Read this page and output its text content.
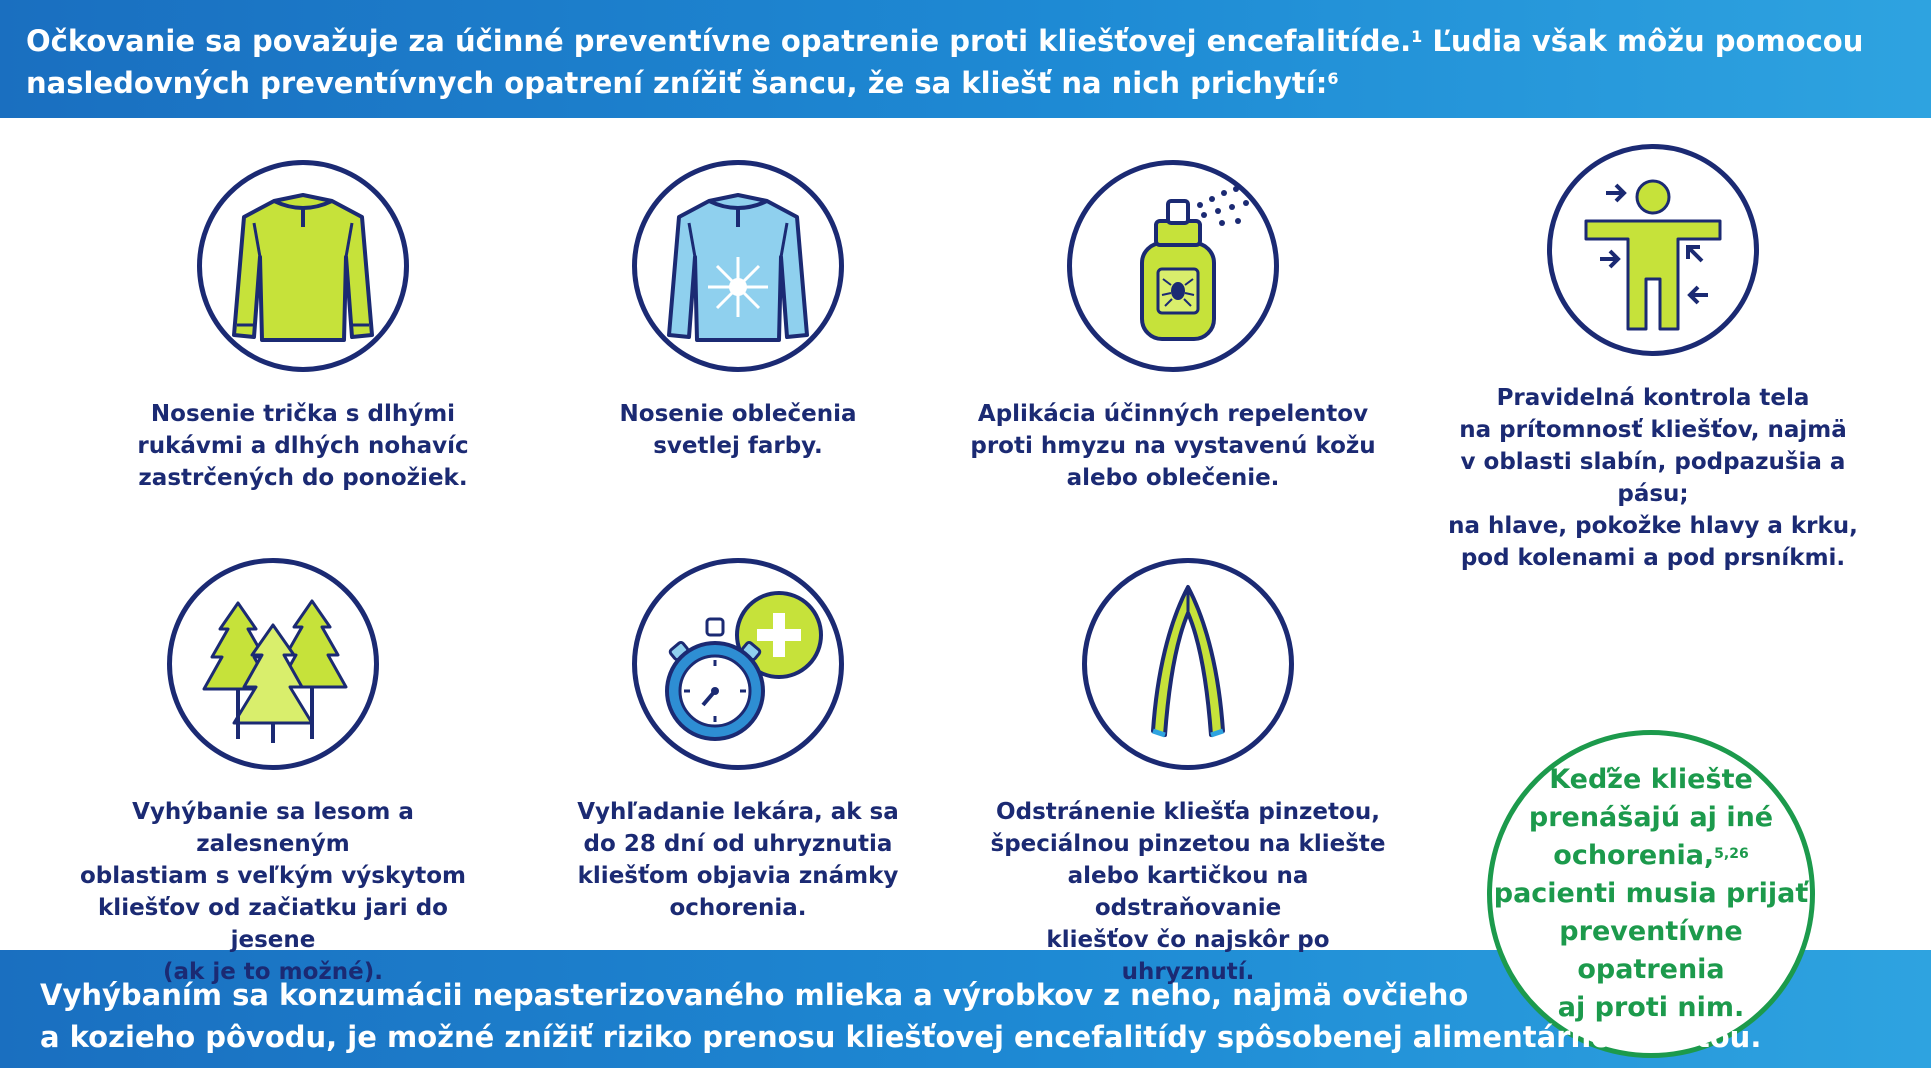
Očkovanie sa považuje za účinné preventívne opatrenie proti kliešťovej encefalitíde.$^1$ Ľudia však môžu pomocou
nasledovných preventívnych opatrení znížiť šancu, že sa kliešť na nich prichytí:$^6$
Nosenie trička s dlhými
rukávmi a dlhých nohavíc
zastrčených do ponožiek.
Nosenie oblečenia
svetlej farby.
Aplikácia účinných repelentov
proti hmyzu na vystavenú kožu
alebo oblečenie.
Pravidelná kontrola tela
na prítomnosť kliešťov, najmä
v oblasti slabín, podpazušia a pásu;
na hlave, pokožke hlavy a krku,
pod kolenami a pod prsníkmi.
Vyhýbanie sa lesom a zalesneným
oblastiam s veľkým výskytom
kliešťov od začiatku jari do jesene
(ak je to možné).
Vyhľadanie lekára, ak sa
do 28 dní od uhryznutia
kliešťom objavia známky
ochorenia.
Odstránenie kliešťa pinzetou,
špeciálnou pinzetou na kliešte
alebo kartičkou na odstraňovanie
kliešťov čo najskôr po uhryznutí.
Keďže kliešte
prenášajú aj iné
ochorenia,$^{5,26}$
pacienti musia prijať
preventívne opatrenia
aj proti nim.
Vyhýbaním sa konzumácii nepasterizovaného mlieka a výrobkov z neho, najmä ovčieho
a kozieho pôvodu, je možné znížiť riziko prenosu kliešťovej encefalitídy spôsobenej alimentárnou cestou.
